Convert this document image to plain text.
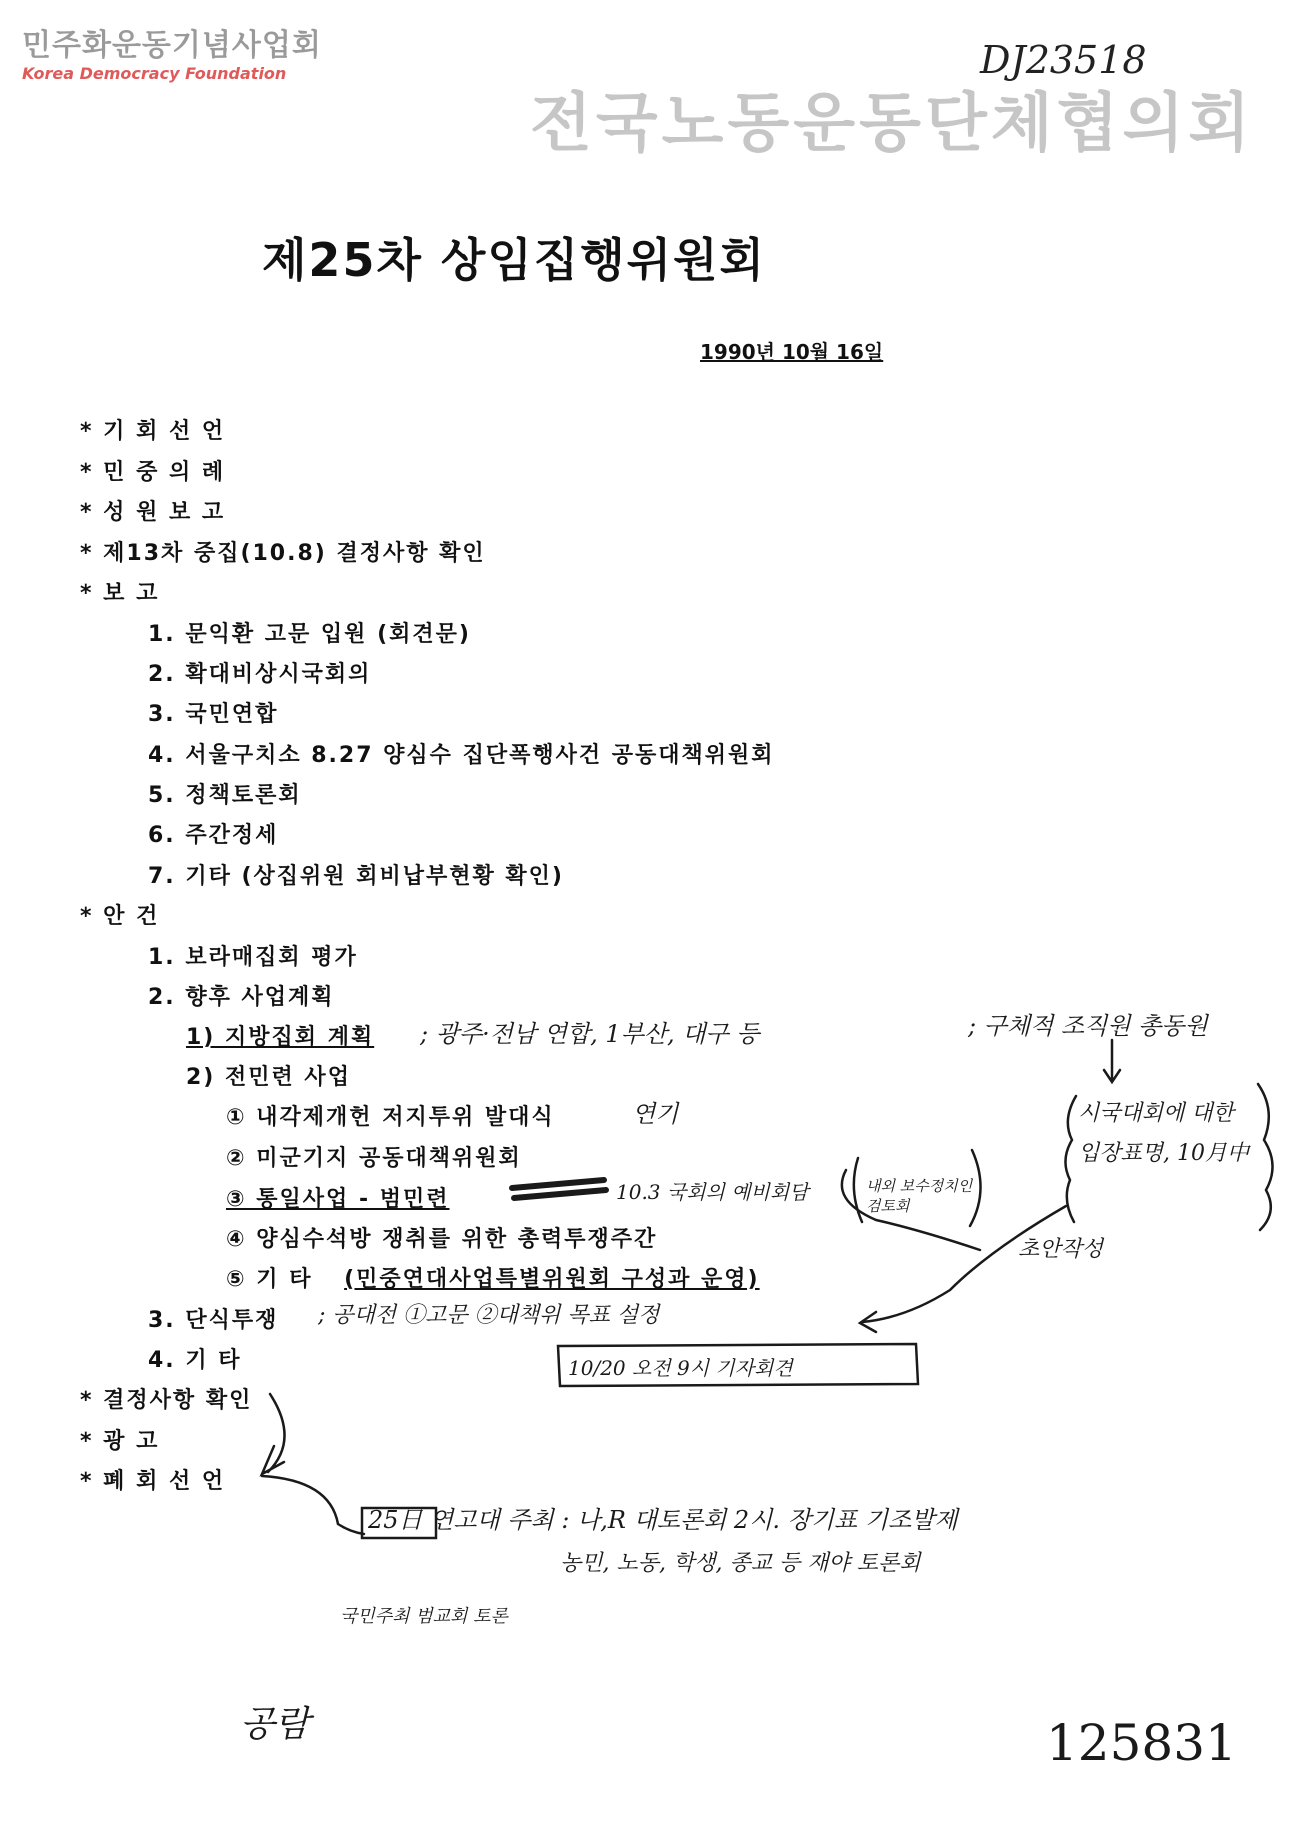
민주화운동기념사업회
Korea Democracy Foundation
전국노동운동단체협의회
DJ23518
제25차 상임집행위원회
1990년 10월 16일
* 기 회 선 언
* 민 중 의 례
* 성 원 보 고
* 제13차 중집(10.8) 결정사항 확인
* 보 고
1. 문익환 고문 입원 (회견문)
2. 확대비상시국회의
3. 국민연합
4. 서울구치소 8.27 양심수 집단폭행사건 공동대책위원회
5. 정책토론회
6. 주간정세
7. 기타 (상집위원 회비납부현황 확인)
* 안 건
1. 보라매집회 평가
2. 향후 사업계획
1) 지방집회 계획
2) 전민련 사업
① 내각제개헌 저지투위 발대식
② 미군기지 공동대책위원회
③ 통일사업 - 범민련
④ 양심수석방 쟁취를 위한 총력투쟁주간
⑤ 기 타 (민중연대사업특별위원회 구성과 운영)
3. 단식투쟁
4. 기 타
* 결정사항 확인
* 광 고
* 폐 회 선 언
; 광주·전남 연합, 1부산, 대구 등	; 구체적 조직원 총동원
연기
10.3 국회의 예비회담	내외 보수정치인 검토회
시국대회에 대한 입장표명, 10月中
; 공대전 ①고문 ②대책위 목표 설정
10/20 오전 9시 기자회견
초안작성
25日 연고대 주최 : 나,R 대토론회 2시. 장기표 기조발제
농민, 노동, 학생, 종교 등 재야 토론회
국민주최 범교회 토론
공람	125831
